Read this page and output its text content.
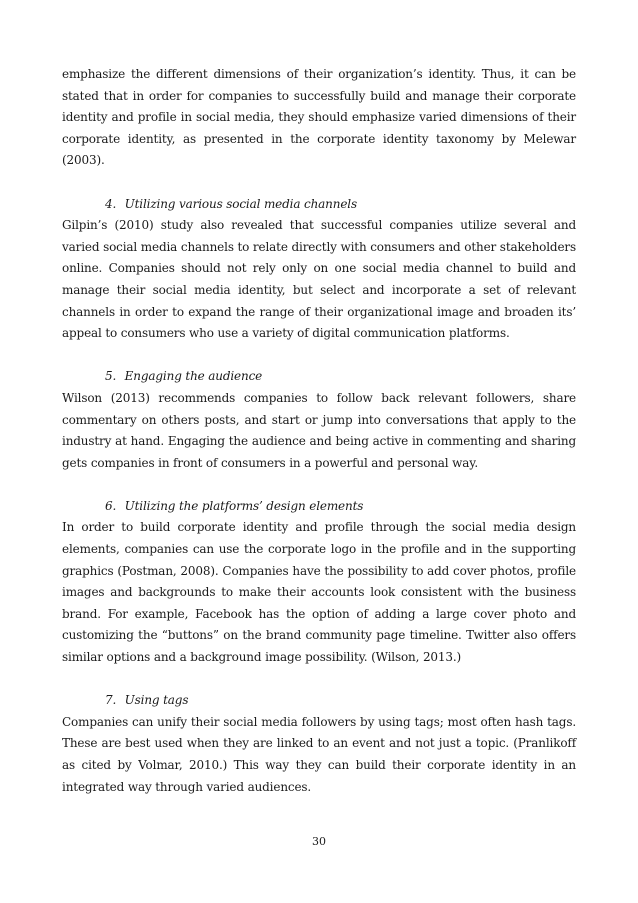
emphasize the different dimensions of their organization’s identity. Thus, it can be stated that in order for companies to successfully build and manage their corporate identity and profile in social media, they should emphasize varied dimensions of their corporate identity, as presented in the corporate identity taxonomy by Melewar (2003).

4. Utilizing various social media channels

Gilpin’s (2010) study also revealed that successful companies utilize several and varied social media channels to relate directly with consumers and other stakeholders online. Companies should not rely only on one social media channel to build and manage their social media identity, but select and incorporate a set of relevant channels in order to expand the range of their organizational image and broaden its’ appeal to consumers who use a variety of digital communication platforms.

5. Engaging the audience

Wilson (2013) recommends companies to follow back relevant followers, share commentary on others posts, and start or jump into conversations that apply to the industry at hand. Engaging the audience and being active in commenting and sharing gets companies in front of consumers in a powerful and personal way.

6. Utilizing the platforms’ design elements

In order to build corporate identity and profile through the social media design elements, companies can use the corporate logo in the profile and in the supporting graphics (Postman, 2008). Companies have the possibility to add cover photos, profile images and backgrounds to make their accounts look consistent with the business brand. For example, Facebook has the option of adding a large cover photo and customizing the “buttons” on the brand community page timeline. Twitter also offers similar options and a background image possibility. (Wilson, 2013.)

7. Using tags

Companies can unify their social media followers by using tags; most often hash tags. These are best used when they are linked to an event and not just a topic. (Pranlikoff as cited by Volmar, 2010.) This way they can build their corporate identity in an integrated way through varied audiences.

30
